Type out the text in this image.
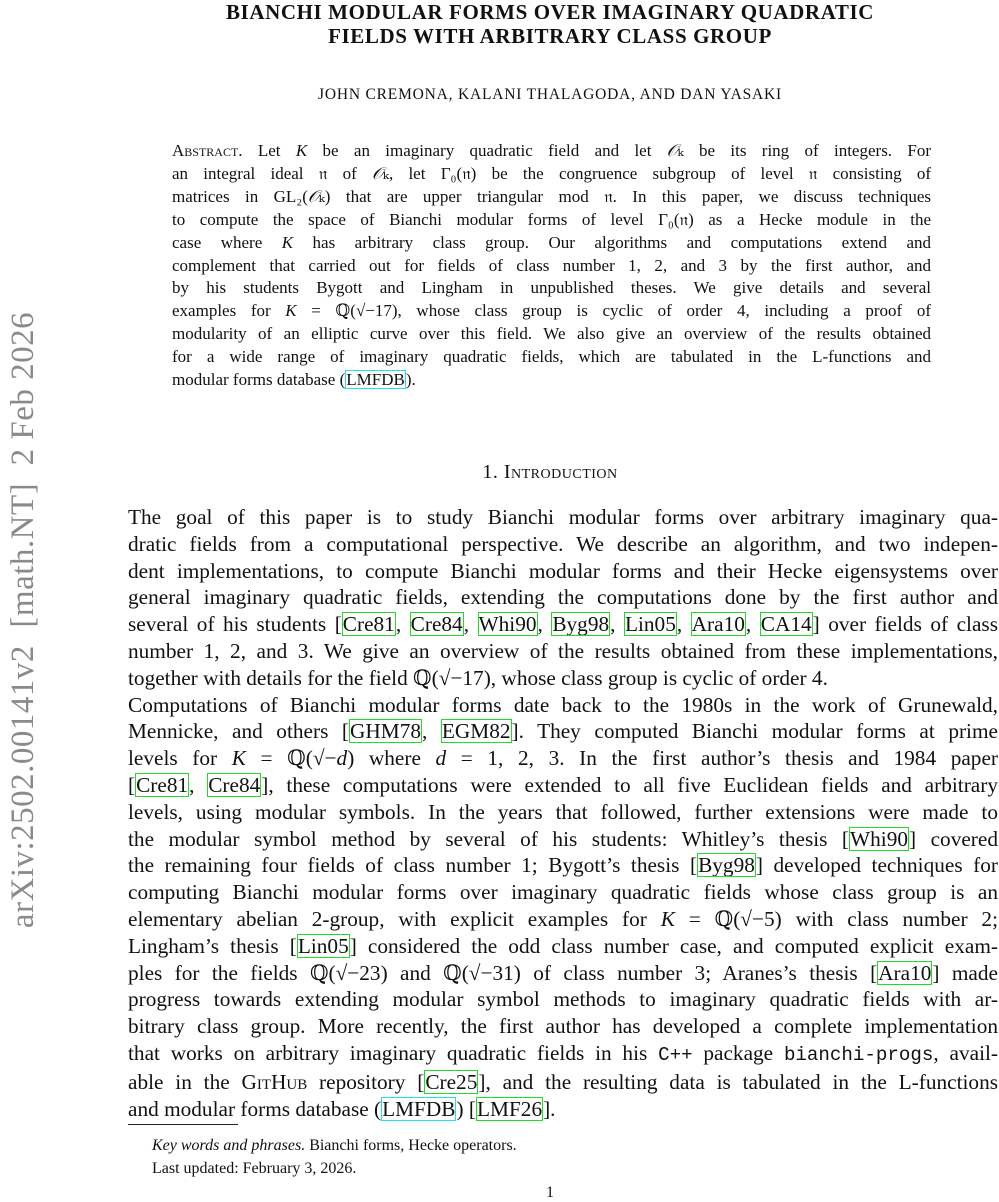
arXiv:2502.00141v2  [math.NT]  2 Feb 2026
BIANCHI MODULAR FORMS OVER IMAGINARY QUADRATIC
FIELDS WITH ARBITRARY CLASS GROUP
JOHN CREMONA, KALANI THALAGODA, AND DAN YASAKI
Abstract. Let K be an imaginary quadratic field and let 𝒪ₖ be its ring of integers. For
an integral ideal 𝔫 of 𝒪ₖ, let Γ₀(𝔫) be the congruence subgroup of level 𝔫 consisting of
matrices in GL₂(𝒪ₖ) that are upper triangular mod 𝔫. In this paper, we discuss techniques
to compute the space of Bianchi modular forms of level Γ₀(𝔫) as a Hecke module in the
case where K has arbitrary class group. Our algorithms and computations extend and
complement that carried out for fields of class number 1, 2, and 3 by the first author, and
by his students Bygott and Lingham in unpublished theses. We give details and several
examples for K = ℚ(√−17), whose class group is cyclic of order 4, including a proof of
modularity of an elliptic curve over this field. We also give an overview of the results obtained
for a wide range of imaginary quadratic fields, which are tabulated in the L-functions and
modular forms database (LMFDB).
1. Introduction
The goal of this paper is to study Bianchi modular forms over arbitrary imaginary qua-
dratic fields from a computational perspective. We describe an algorithm, and two indepen-
dent implementations, to compute Bianchi modular forms and their Hecke eigensystems over
general imaginary quadratic fields, extending the computations done by the first author and
several of his students [Cre81, Cre84, Whi90, Byg98, Lin05, Ara10, CA14] over fields of class
number 1, 2, and 3. We give an overview of the results obtained from these implementations,
together with details for the field ℚ(√−17), whose class group is cyclic of order 4.
Computations of Bianchi modular forms date back to the 1980s in the work of Grunewald,
Mennicke, and others [GHM78, EGM82]. They computed Bianchi modular forms at prime
levels for K = ℚ(√−d) where d = 1, 2, 3. In the first author’s thesis and 1984 paper
[Cre81, Cre84], these computations were extended to all five Euclidean fields and arbitrary
levels, using modular symbols. In the years that followed, further extensions were made to
the modular symbol method by several of his students: Whitley’s thesis [Whi90] covered
the remaining four fields of class number 1; Bygott’s thesis [Byg98] developed techniques for
computing Bianchi modular forms over imaginary quadratic fields whose class group is an
elementary abelian 2-group, with explicit examples for K = ℚ(√−5) with class number 2;
Lingham’s thesis [Lin05] considered the odd class number case, and computed explicit exam-
ples for the fields ℚ(√−23) and ℚ(√−31) of class number 3; Aranes’s thesis [Ara10] made
progress towards extending modular symbol methods to imaginary quadratic fields with ar-
bitrary class group. More recently, the first author has developed a complete implementation
that works on arbitrary imaginary quadratic fields in his C++ package bianchi-progs, avail-
able in the GitHub repository [Cre25], and the resulting data is tabulated in the L-functions
and modular forms database (LMFDB) [LMF26].
Key words and phrases. Bianchi forms, Hecke operators.
Last updated: February 3, 2026.
1
